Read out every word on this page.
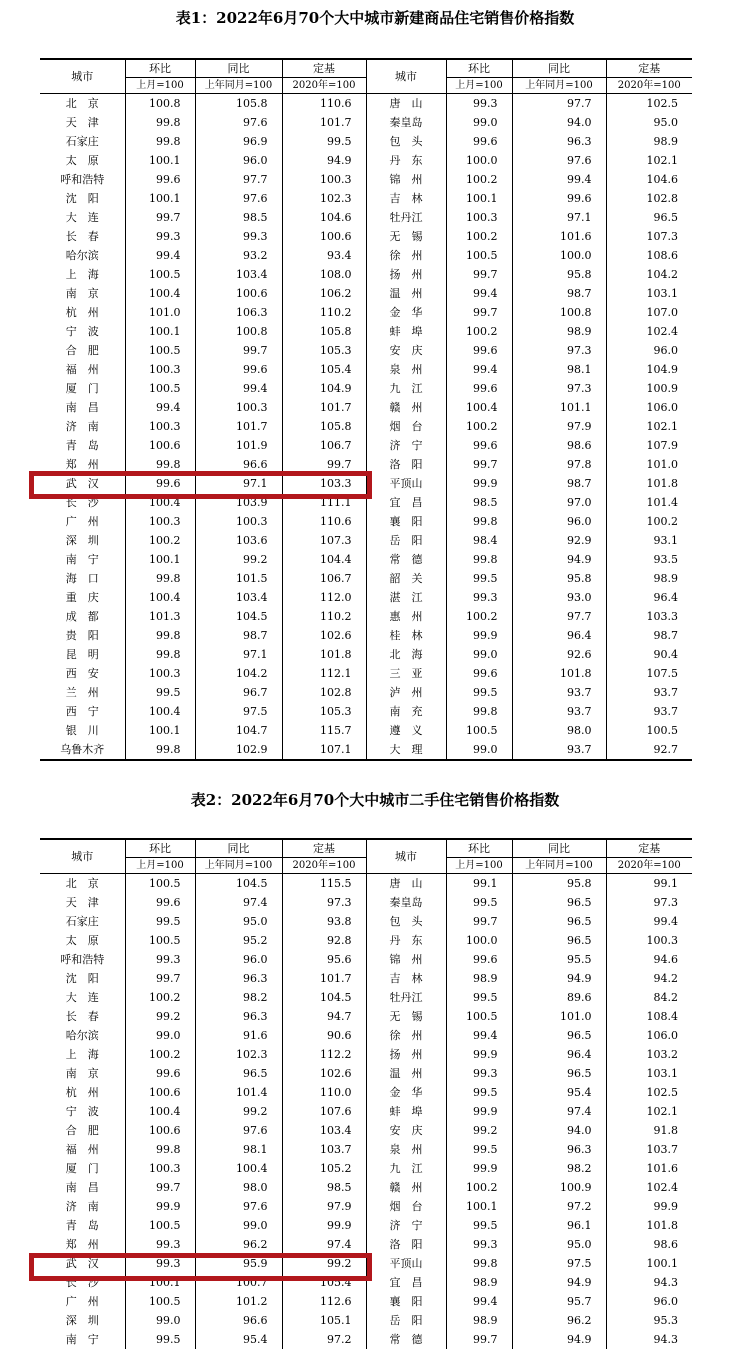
表1：2022年6月70个大中城市新建商品住宅销售价格指数
城市	环比	同比	定基	城市	环比	同比	定基
	上月=100	上年同月=100	2020年=100		上月=100	上年同月=100	2020年=100
北　京	100.8	105.8	110.6	唐　山	99.3	97.7	102.5
天　津	99.8	97.6	101.7	秦皇岛	99.0	94.0	95.0
石家庄	99.8	96.9	99.5	包　头	99.6	96.3	98.9
太　原	100.1	96.0	94.9	丹　东	100.0	97.6	102.1
呼和浩特	99.6	97.7	100.3	锦　州	100.2	99.4	104.6
沈　阳	100.1	97.6	102.3	吉　林	100.1	99.6	102.8
大　连	99.7	98.5	104.6	牡丹江	100.3	97.1	96.5
长　春	99.3	99.3	100.6	无　锡	100.2	101.6	107.3
哈尔滨	99.4	93.2	93.4	徐　州	100.5	100.0	108.6
上　海	100.5	103.4	108.0	扬　州	99.7	95.8	104.2
南　京	100.4	100.6	106.2	温　州	99.4	98.7	103.1
杭　州	101.0	106.3	110.2	金　华	99.7	100.8	107.0
宁　波	100.1	100.8	105.8	蚌　埠	100.2	98.9	102.4
合　肥	100.5	99.7	105.3	安　庆	99.6	97.3	96.0
福　州	100.3	99.6	105.4	泉　州	99.4	98.1	104.9
厦　门	100.5	99.4	104.9	九　江	99.6	97.3	100.9
南　昌	99.4	100.3	101.7	赣　州	100.4	101.1	106.0
济　南	100.3	101.7	105.8	烟　台	100.2	97.9	102.1
青　岛	100.6	101.9	106.7	济　宁	99.6	98.6	107.9
郑　州	99.8	96.6	99.7	洛　阳	99.7	97.8	101.0
武　汉	99.6	97.1	103.3	平顶山	99.9	98.7	101.8
长　沙	100.4	103.9	111.1	宜　昌	98.5	97.0	101.4
广　州	100.3	100.3	110.6	襄　阳	99.8	96.0	100.2
深　圳	100.2	103.6	107.3	岳　阳	98.4	92.9	93.1
南　宁	100.1	99.2	104.4	常　德	99.8	94.9	93.5
海　口	99.8	101.5	106.7	韶　关	99.5	95.8	98.9
重　庆	100.4	103.4	112.0	湛　江	99.3	93.0	96.4
成　都	101.3	104.5	110.2	惠　州	100.2	97.7	103.3
贵　阳	99.8	98.7	102.6	桂　林	99.9	96.4	98.7
昆　明	99.8	97.1	101.8	北　海	99.0	92.6	90.4
西　安	100.3	104.2	112.1	三　亚	99.6	101.8	107.5
兰　州	99.5	96.7	102.8	泸　州	99.5	93.7	93.7
西　宁	100.4	97.5	105.3	南　充	99.8	93.7	93.7
银　川	100.1	104.7	115.7	遵　义	100.5	98.0	100.5
乌鲁木齐	99.8	102.9	107.1	大　理	99.0	93.7	92.7
表2：2022年6月70个大中城市二手住宅销售价格指数
城市	环比	同比	定基	城市	环比	同比	定基
	上月=100	上年同月=100	2020年=100		上月=100	上年同月=100	2020年=100
北　京	100.5	104.5	115.5	唐　山	99.1	95.8	99.1
天　津	99.6	97.4	97.3	秦皇岛	99.5	96.5	97.3
石家庄	99.5	95.0	93.8	包　头	99.7	96.5	99.4
太　原	100.5	95.2	92.8	丹　东	100.0	96.5	100.3
呼和浩特	99.3	96.0	95.6	锦　州	99.6	95.5	94.6
沈　阳	99.7	96.3	101.7	吉　林	98.9	94.9	94.2
大　连	100.2	98.2	104.5	牡丹江	99.5	89.6	84.2
长　春	99.2	96.3	94.7	无　锡	100.5	101.0	108.4
哈尔滨	99.0	91.6	90.6	徐　州	99.4	96.5	106.0
上　海	100.2	102.3	112.2	扬　州	99.9	96.4	103.2
南　京	99.6	96.5	102.6	温　州	99.3	96.5	103.1
杭　州	100.6	101.4	110.0	金　华	99.5	95.4	102.5
宁　波	100.4	99.2	107.6	蚌　埠	99.9	97.4	102.1
合　肥	100.6	97.6	103.4	安　庆	99.2	94.0	91.8
福　州	99.8	98.1	103.7	泉　州	99.5	96.3	103.7
厦　门	100.3	100.4	105.2	九　江	99.9	98.2	101.6
南　昌	99.7	98.0	98.5	赣　州	100.2	100.9	102.4
济　南	99.9	97.6	97.9	烟　台	100.1	97.2	99.9
青　岛	100.5	99.0	99.9	济　宁	99.5	96.1	101.8
郑　州	99.3	96.2	97.4	洛　阳	99.3	95.0	98.6
武　汉	99.3	95.9	99.2	平顶山	99.8	97.5	100.1
长　沙	100.1	100.7	105.4	宜　昌	98.9	94.9	94.3
广　州	100.5	101.2	112.6	襄　阳	99.4	95.7	96.0
深　圳	99.0	96.6	105.1	岳　阳	98.9	96.2	95.3
南　宁	99.5	95.4	97.2	常　德	99.7	94.9	94.3
